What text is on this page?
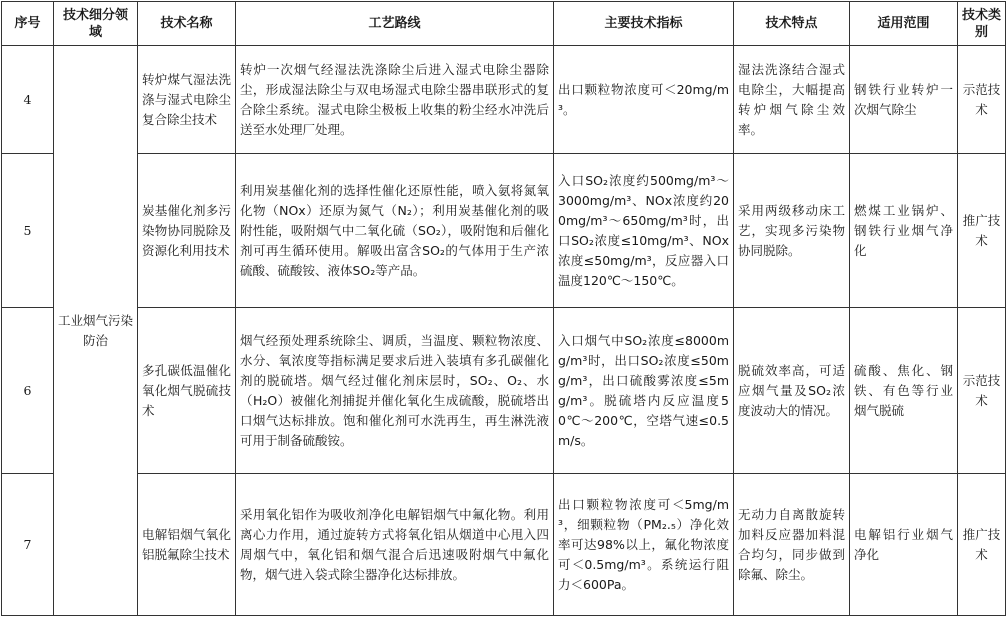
序号	技术细分领域	技术名称	工艺路线	主要技术指标	技术特点	适用范围	技术类别
4	工业烟气污染防治	转炉煤气湿法洗涤与湿式电除尘复合除尘技术	转炉一次烟气经湿法洗涤除尘后进入湿式电除尘器除尘，形成湿法除尘与双电场湿式电除尘器串联形式的复合除尘系统。湿式电除尘极板上收集的粉尘经水冲洗后送至水处理厂处理。	出口颗粒物浓度可＜20mg/m³。	湿法洗涤结合湿式电除尘，大幅提高转炉烟气除尘效率。	钢铁行业转炉一次烟气除尘	示范技术
5		炭基催化剂多污染物协同脱除及资源化利用技术	利用炭基催化剂的选择性催化还原性能，喷入氨将氮氧化物（NOx）还原为氮气（N₂）；利用炭基催化剂的吸附性能，吸附烟气中二氧化硫（SO₂），吸附饱和后催化剂可再生循环使用。解吸出富含SO₂的气体用于生产浓硫酸、硫酸铵、液体SO₂等产品。	入口SO₂浓度约500mg/m³～3000mg/m³、NOx浓度约200mg/m³～650mg/m³时，出口SO₂浓度≤10mg/m³、NOx浓度≤50mg/m³，反应器入口温度120℃～150℃。	采用两级移动床工艺，实现多污染物协同脱除。	燃煤工业锅炉、钢铁行业烟气净化	推广技术
6		多孔碳低温催化氧化烟气脱硫技术	烟气经预处理系统除尘、调质，当温度、颗粒物浓度、水分、氧浓度等指标满足要求后进入装填有多孔碳催化剂的脱硫塔。烟气经过催化剂床层时，SO₂、O₂、水（H₂O）被催化剂捕捉并催化氧化生成硫酸，脱硫塔出口烟气达标排放。饱和催化剂可水洗再生，再生淋洗液可用于制备硫酸铵。	入口烟气中SO₂浓度≤8000mg/m³时，出口SO₂浓度≤50mg/m³，出口硫酸雾浓度≤5mg/m³。脱硫塔内反应温度50℃～200℃，空塔气速≤0.5m/s。	脱硫效率高，可适应烟气量及SO₂浓度波动大的情况。	硫酸、焦化、钢铁、有色等行业烟气脱硫	示范技术
7		电解铝烟气氧化铝脱氟除尘技术	采用氧化铝作为吸收剂净化电解铝烟气中氟化物。利用离心力作用，通过旋转方式将氧化铝从烟道中心甩入四周烟气中，氧化铝和烟气混合后迅速吸附烟气中氟化物，烟气进入袋式除尘器净化达标排放。	出口颗粒物浓度可＜5mg/m³，细颗粒物（PM₂.₅）净化效率可达98%以上，氟化物浓度可＜0.5mg/m³。系统运行阻力＜600Pa。	无动力自离散旋转加料反应器加料混合均匀，同步做到除氟、除尘。	电解铝行业烟气净化	推广技术
